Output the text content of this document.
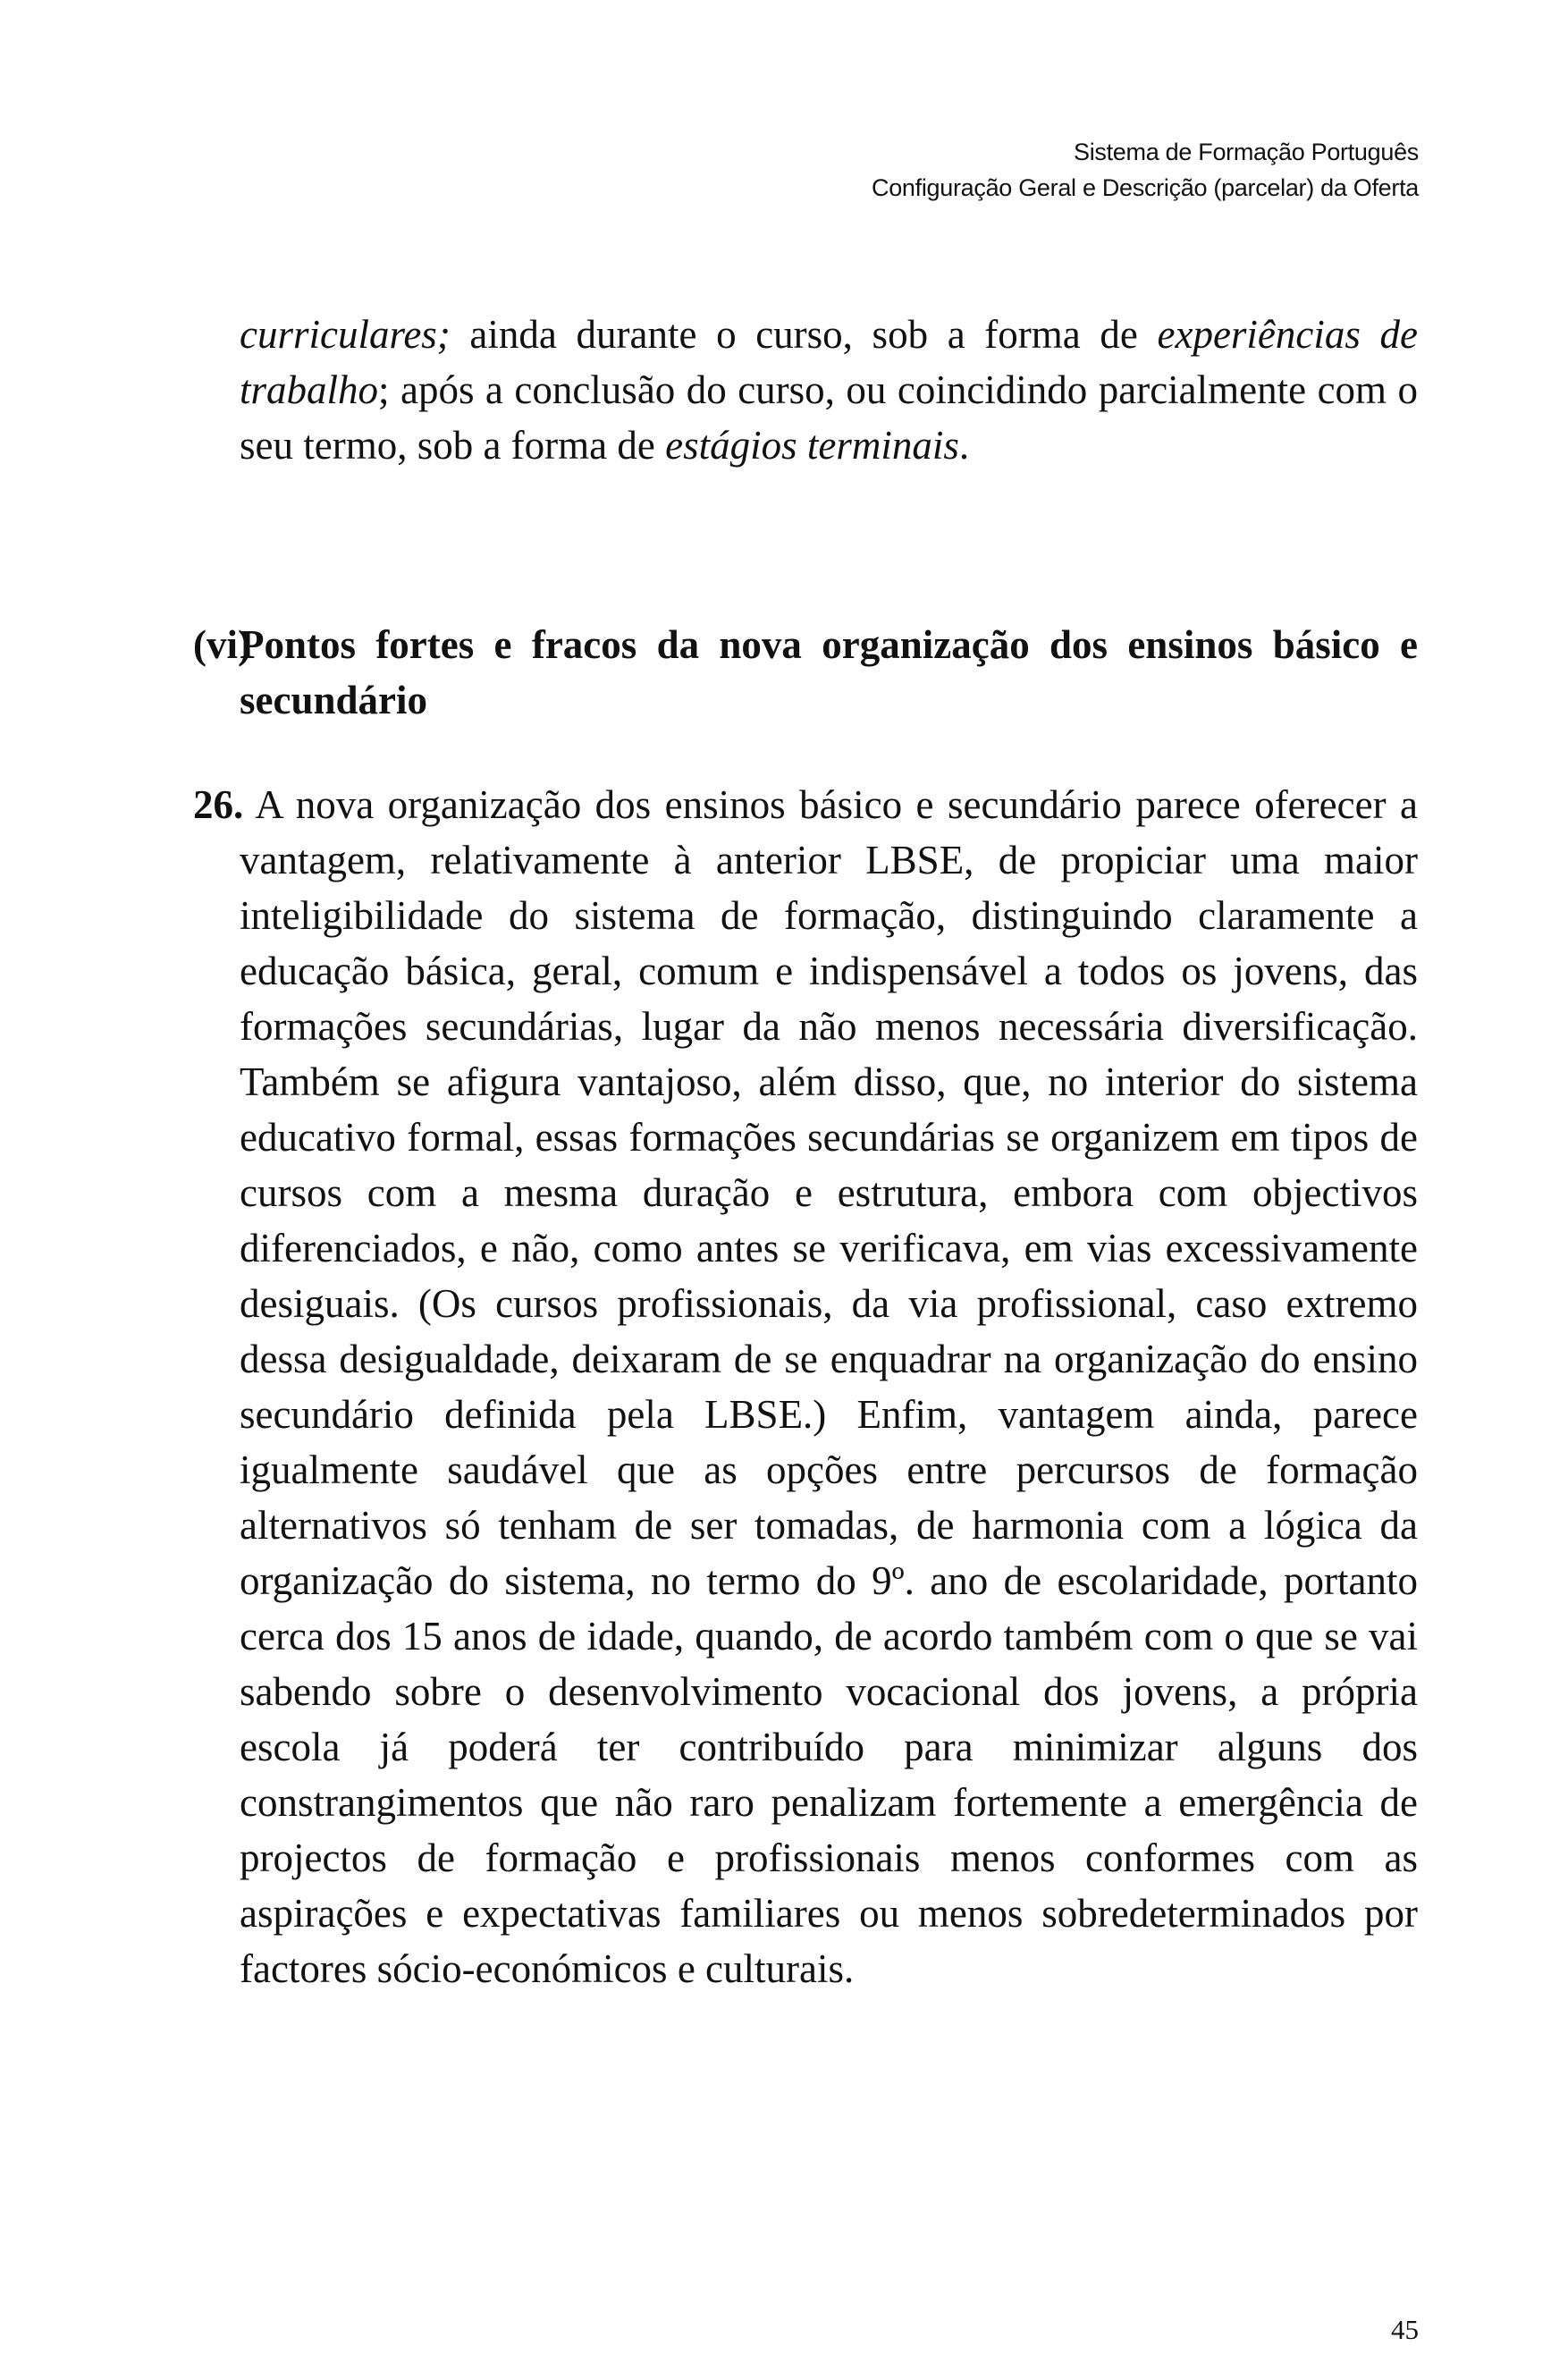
Sistema de Formação Português
Configuração Geral e Descrição (parcelar) da Oferta

curriculares; ainda durante o curso, sob a forma de experiências de trabalho; após a conclusão do curso, ou coincidindo parcialmente com o seu termo, sob a forma de estágios terminais.

(vi)
Pontos fortes e fracos da nova organização dos ensinos básico e secundário

26. A nova organização dos ensinos básico e secundário parece oferecer a vantagem, relativamente à anterior LBSE, de propiciar uma maior inteligibilidade do sistema de formação, distinguindo claramente a educação básica, geral, comum e indispensável a todos os jovens, das formações secundárias, lugar da não menos necessária diversificação. Também se afigura vantajoso, além disso, que, no interior do sistema educativo formal, essas formações secundárias se organizem em tipos de cursos com a mesma duração e estrutura, embora com objectivos diferenciados, e não, como antes se verificava, em vias excessivamente desiguais. (Os cursos profissionais, da via profissional, caso extremo dessa desigualdade, deixaram de se enquadrar na organização do ensino secundário definida pela LBSE.) Enfim, vantagem ainda, parece igualmente saudável que as opções entre percursos de formação alternativos só tenham de ser tomadas, de harmonia com a lógica da organização do sistema, no termo do 9º. ano de escolaridade, portanto cerca dos 15 anos de idade, quando, de acordo também com o que se vai sabendo sobre o desenvolvimento vocacional dos jovens, a própria escola já poderá ter contribuído para minimizar alguns dos constrangimentos que não raro penalizam fortemente a emergência de projectos de formação e profissionais menos conformes com as aspirações e expectativas familiares ou menos sobredeterminados por factores sócio-económicos e culturais.

45
